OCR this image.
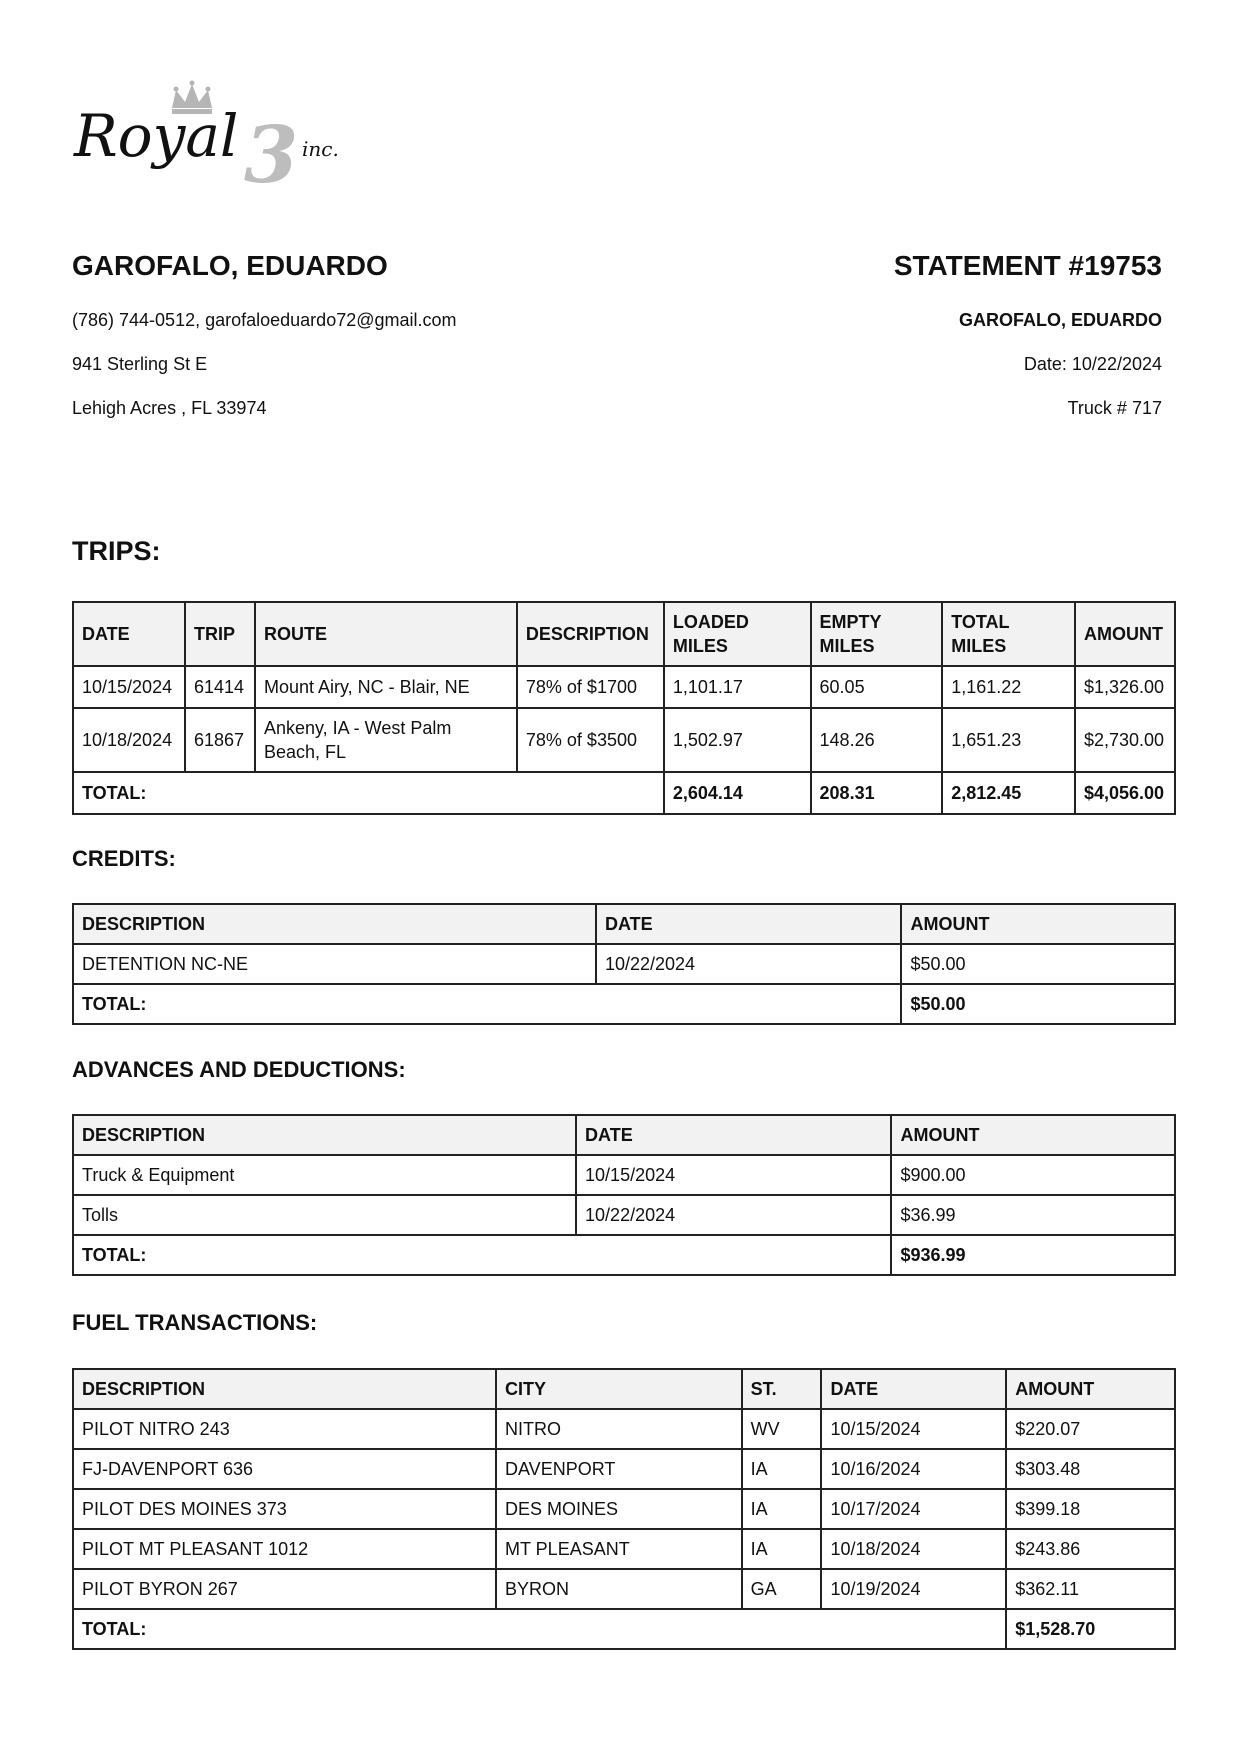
3
Royal	inc.
GAROFALO, EDUARDO
(786) 744-0512, garofaloeduardo72@gmail.com
941 Sterling St E
Lehigh Acres , FL 33974
STATEMENT #19753
GAROFALO, EDUARDO
Date: 10/22/2024
Truck # 717
TRIPS:
DATE	TRIP	ROUTE	DESCRIPTION	LOADED MILES	EMPTY MILES	TOTAL MILES	AMOUNT
10/15/2024	61414	Mount Airy, NC - Blair, NE	78% of $1700	1,101.17	60.05	1,161.22	$1,326.00
10/18/2024	61867	Ankeny, IA - West Palm Beach, FL	78% of $3500	1,502.97	148.26	1,651.23	$2,730.00
TOTAL:				2,604.14	208.31	2,812.45	$4,056.00
CREDITS:
DESCRIPTION	DATE	AMOUNT
DETENTION NC-NE	10/22/2024	$50.00
TOTAL:		$50.00
ADVANCES AND DEDUCTIONS:
DESCRIPTION	DATE	AMOUNT
Truck & Equipment	10/15/2024	$900.00
Tolls	10/22/2024	$36.99
TOTAL:		$936.99
FUEL TRANSACTIONS:
DESCRIPTION	CITY	ST.	DATE	AMOUNT
PILOT NITRO 243	NITRO	WV	10/15/2024	$220.07
FJ-DAVENPORT 636	DAVENPORT	IA	10/16/2024	$303.48
PILOT DES MOINES 373	DES MOINES	IA	10/17/2024	$399.18
PILOT MT PLEASANT 1012	MT PLEASANT	IA	10/18/2024	$243.86
PILOT BYRON 267	BYRON	GA	10/19/2024	$362.11
TOTAL:				$1,528.70
